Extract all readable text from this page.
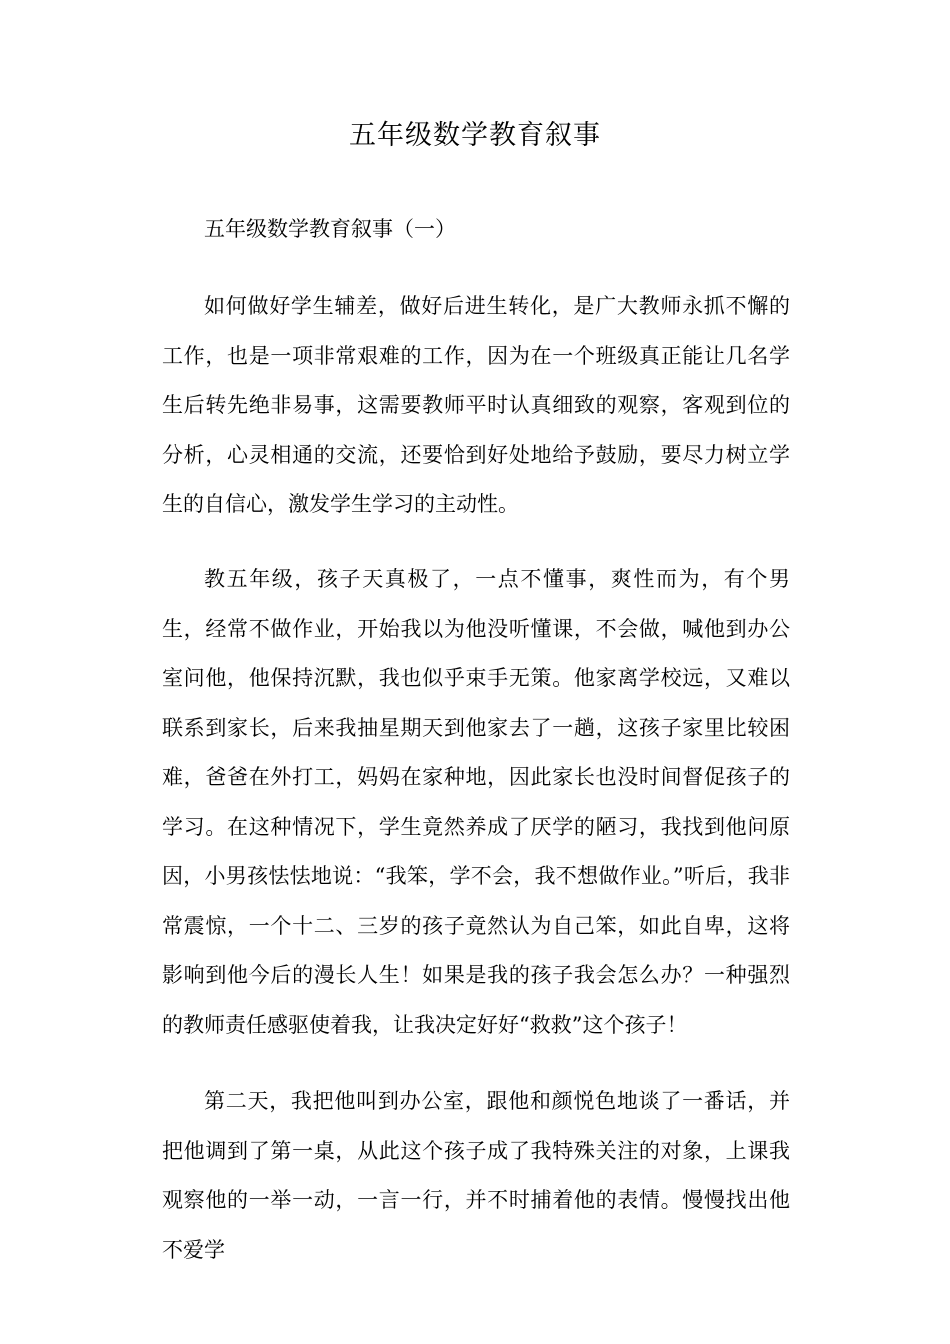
五年级数学教育叙事
五年级数学教育叙事（一）

如何做好学生辅差，做好后进生转化，是广大教师永抓不懈的工作，也是一项非常艰难的工作，因为在一个班级真正能让几名学生后转先绝非易事，这需要教师平时认真细致的观察，客观到位的分析，心灵相通的交流，还要恰到好处地给予鼓励，要尽力树立学生的自信心，激发学生学习的主动性。

教五年级，孩子天真极了，一点不懂事，爽性而为，有个男生，经常不做作业，开始我以为他没听懂课，不会做，喊他到办公室问他，他保持沉默，我也似乎束手无策。他家离学校远，又难以联系到家长，后来我抽星期天到他家去了一趟，这孩子家里比较困难，爸爸在外打工，妈妈在家种地，因此家长也没时间督促孩子的学习。在这种情况下，学生竟然养成了厌学的陋习，我找到他问原因，小男孩怯怯地说：“我笨，学不会，我不想做作业。”听后，我非常震惊，一个十二、三岁的孩子竟然认为自己笨，如此自卑，这将影响到他今后的漫长人生！如果是我的孩子我会怎么办？一种强烈的教师责任感驱使着我，让我决定好好“救救”这个孩子！

第二天，我把他叫到办公室，跟他和颜悦色地谈了一番话，并把他调到了第一桌，从此这个孩子成了我特殊关注的对象，上课我观察他的一举一动，一言一行，并不时捕着他的表情。慢慢找出他不爱学
